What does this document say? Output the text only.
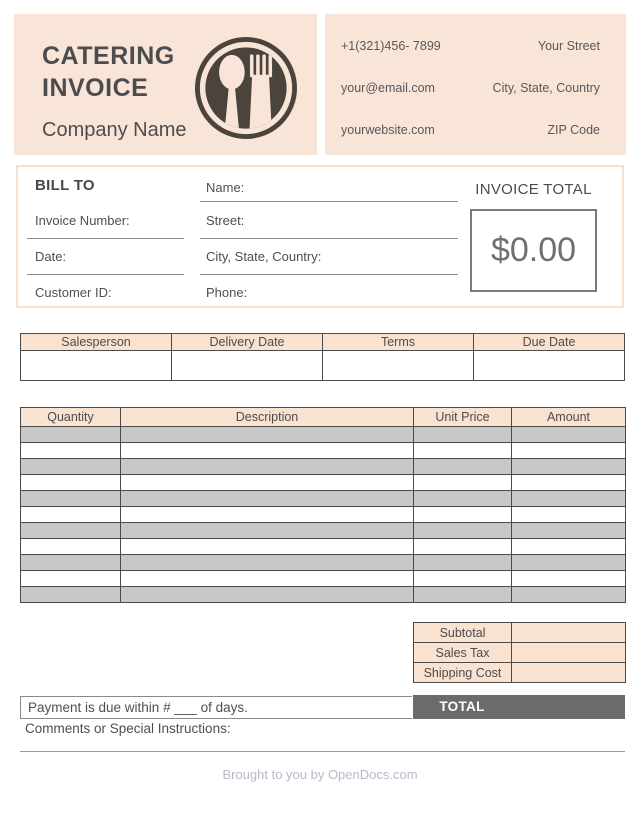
CATERING
INVOICE
Company Name
+1(321)456- 7899	Your Street
your@email.com	City, State, Country
yourwebsite.com	ZIP Code
BILL TO
Invoice Number:
Date:
Customer ID:
Name:
Street:
City, State, Country:
Phone:
INVOICE TOTAL
$0.00
Salesperson	Delivery Date	Terms	Due Date

Quantity	Description	Unit Price	Amount

Subtotal	
Sales Tax	
Shipping Cost	
TOTAL
Payment is due within # ___ of days.
Comments or Special Instructions:
Brought to you by OpenDocs.com
